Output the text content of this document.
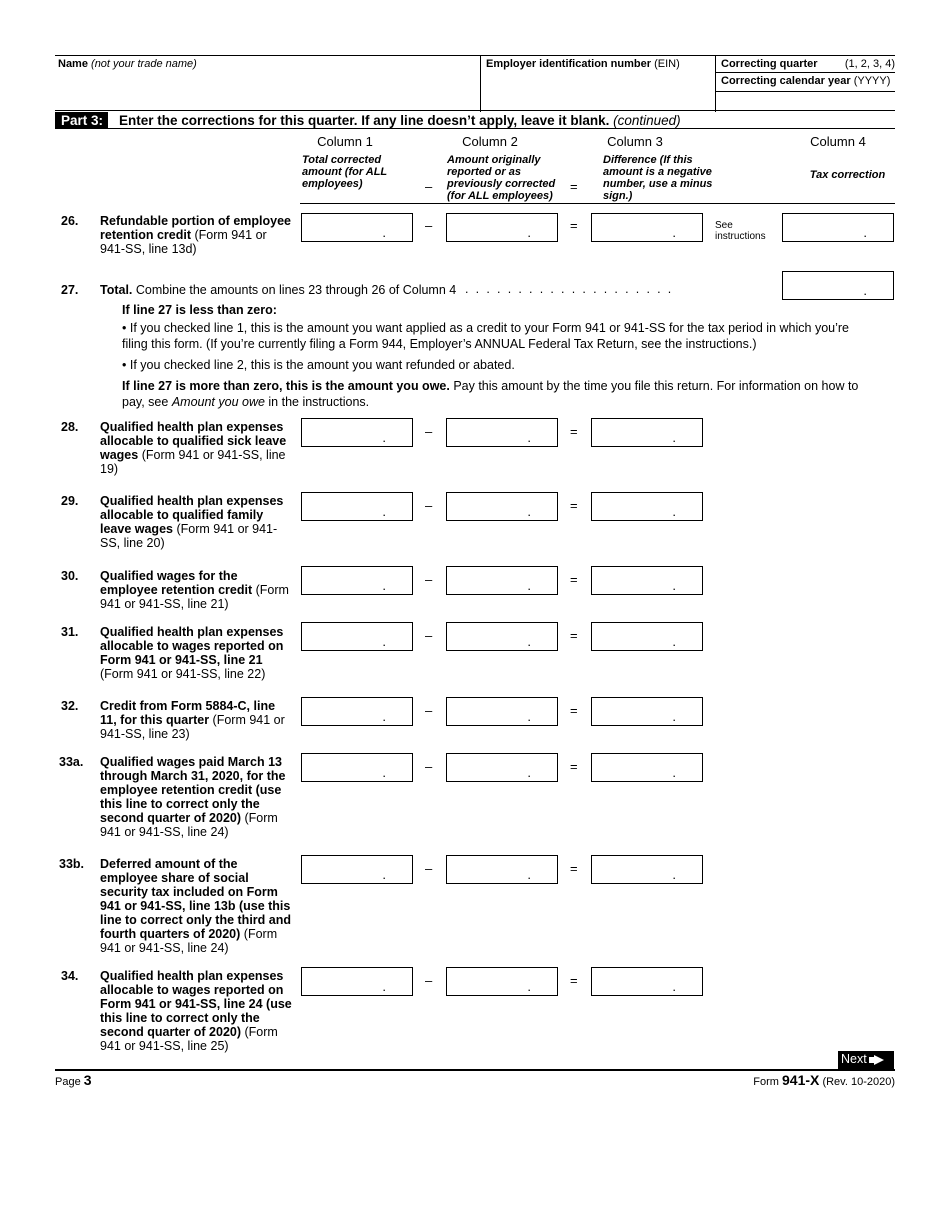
Name (not your trade name)	Employer identification number (EIN)	Correcting quarter (1, 2, 3, 4)
Correcting calendar year (YYYY)
Part 3:	Enter the corrections for this quarter. If any line doesn’t apply, leave it blank. (continued)
Column 1	Column 2	Column 3	Column 4
Total corrected amount (for ALL employees)
Amount originally reported or as previously corrected (for ALL employees)
Difference (If this amount is a negative number, use a minus sign.)
Tax correction
–	=
26. Refundable portion of employee retention credit (Form 941 or 941-SS, line 13d)
.	–	.	=	.	See instructions	.
27. Total. Combine the amounts on lines 23 through 26 of Column 4 ....................	.
If line 27 is less than zero:
• If you checked line 1, this is the amount you want applied as a credit to your Form 941 or 941-SS for the tax period in which you’re filing this form. (If you’re currently filing a Form 944, Employer’s ANNUAL Federal Tax Return, see the instructions.)
• If you checked line 2, this is the amount you want refunded or abated.
If line 27 is more than zero, this is the amount you owe. Pay this amount by the time you file this return. For information on how to pay, see Amount you owe in the instructions.
28. Qualified health plan expenses allocable to qualified sick leave wages (Form 941 or 941-SS, line 19)
.	–	.	=	.
29. Qualified health plan expenses allocable to qualified family leave wages (Form 941 or 941-SS, line 20)
.	–	.	=	.
30. Qualified wages for the employee retention credit (Form 941 or 941-SS, line 21)
.	–	.	=	.
31. Qualified health plan expenses allocable to wages reported on Form 941 or 941-SS, line 21 (Form 941 or 941-SS, line 22)
.	–	.	=	.
32. Credit from Form 5884-C, line 11, for this quarter (Form 941 or 941-SS, line 23)
.	–	.	=	.
33a. Qualified wages paid March 13 through March 31, 2020, for the employee retention credit (use this line to correct only the second quarter of 2020) (Form 941 or 941-SS, line 24)
.	–	.	=	.
33b. Deferred amount of the employee share of social security tax included on Form 941 or 941-SS, line 13b (use this line to correct only the third and fourth quarters of 2020) (Form 941 or 941-SS, line 24)
.	–	.	=	.
34. Qualified health plan expenses allocable to wages reported on Form 941 or 941-SS, line 24 (use this line to correct only the second quarter of 2020) (Form 941 or 941-SS, line 25)
.	–	.	=	.
Next
Page 3	Form 941-X (Rev. 10-2020)
